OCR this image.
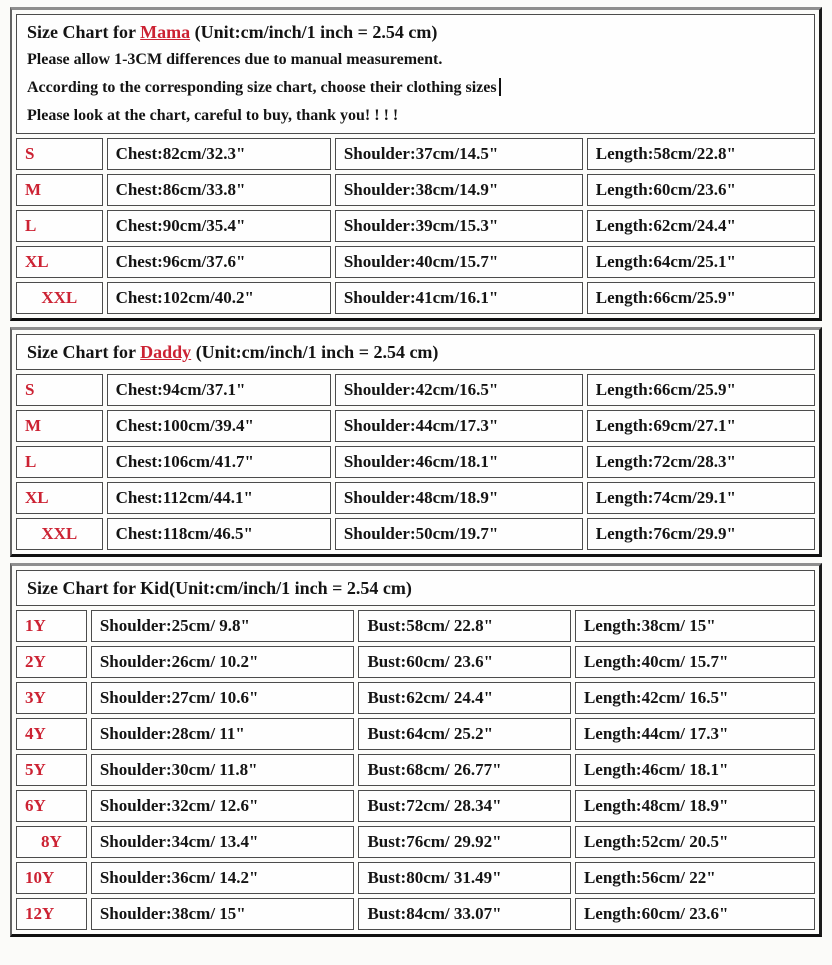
Size Chart for Mama (Unit:cm/inch/1 inch = 2.54 cm)
Please allow 1-3CM differences due to manual measurement.
According to the corresponding size chart, choose their clothing sizes
Please look at the chart, careful to buy, thank you! ! ! !			

S	Chest:82cm/32.3"	Shoulder:37cm/14.5"	Length:58cm/22.8"
M	Chest:86cm/33.8"	Shoulder:38cm/14.9"	Length:60cm/23.6"
L	Chest:90cm/35.4"	Shoulder:39cm/15.3"	Length:62cm/24.4"
XL	Chest:96cm/37.6"	Shoulder:40cm/15.7"	Length:64cm/25.1"
XXL	Chest:102cm/40.2"	Shoulder:41cm/16.1"	Length:66cm/25.9"
Size Chart for Daddy (Unit:cm/inch/1 inch = 2.54 cm)			

S	Chest:94cm/37.1"	Shoulder:42cm/16.5"	Length:66cm/25.9"
M	Chest:100cm/39.4"	Shoulder:44cm/17.3"	Length:69cm/27.1"
L	Chest:106cm/41.7"	Shoulder:46cm/18.1"	Length:72cm/28.3"
XL	Chest:112cm/44.1"	Shoulder:48cm/18.9"	Length:74cm/29.1"
XXL	Chest:118cm/46.5"	Shoulder:50cm/19.7"	Length:76cm/29.9"
Size Chart for Kid(Unit:cm/inch/1 inch = 2.54 cm)			

1Y	Shoulder:25cm/ 9.8"	Bust:58cm/ 22.8"	Length:38cm/ 15"
2Y	Shoulder:26cm/ 10.2"	Bust:60cm/ 23.6"	Length:40cm/ 15.7"
3Y	Shoulder:27cm/ 10.6"	Bust:62cm/ 24.4"	Length:42cm/ 16.5"
4Y	Shoulder:28cm/ 11"	Bust:64cm/ 25.2"	Length:44cm/ 17.3"
5Y	Shoulder:30cm/ 11.8"	Bust:68cm/ 26.77"	Length:46cm/ 18.1"
6Y	Shoulder:32cm/ 12.6"	Bust:72cm/ 28.34"	Length:48cm/ 18.9"
8Y	Shoulder:34cm/ 13.4"	Bust:76cm/ 29.92"	Length:52cm/ 20.5"
10Y	Shoulder:36cm/ 14.2"	Bust:80cm/ 31.49"	Length:56cm/ 22"
12Y	Shoulder:38cm/ 15"	Bust:84cm/ 33.07"	Length:60cm/ 23.6"
